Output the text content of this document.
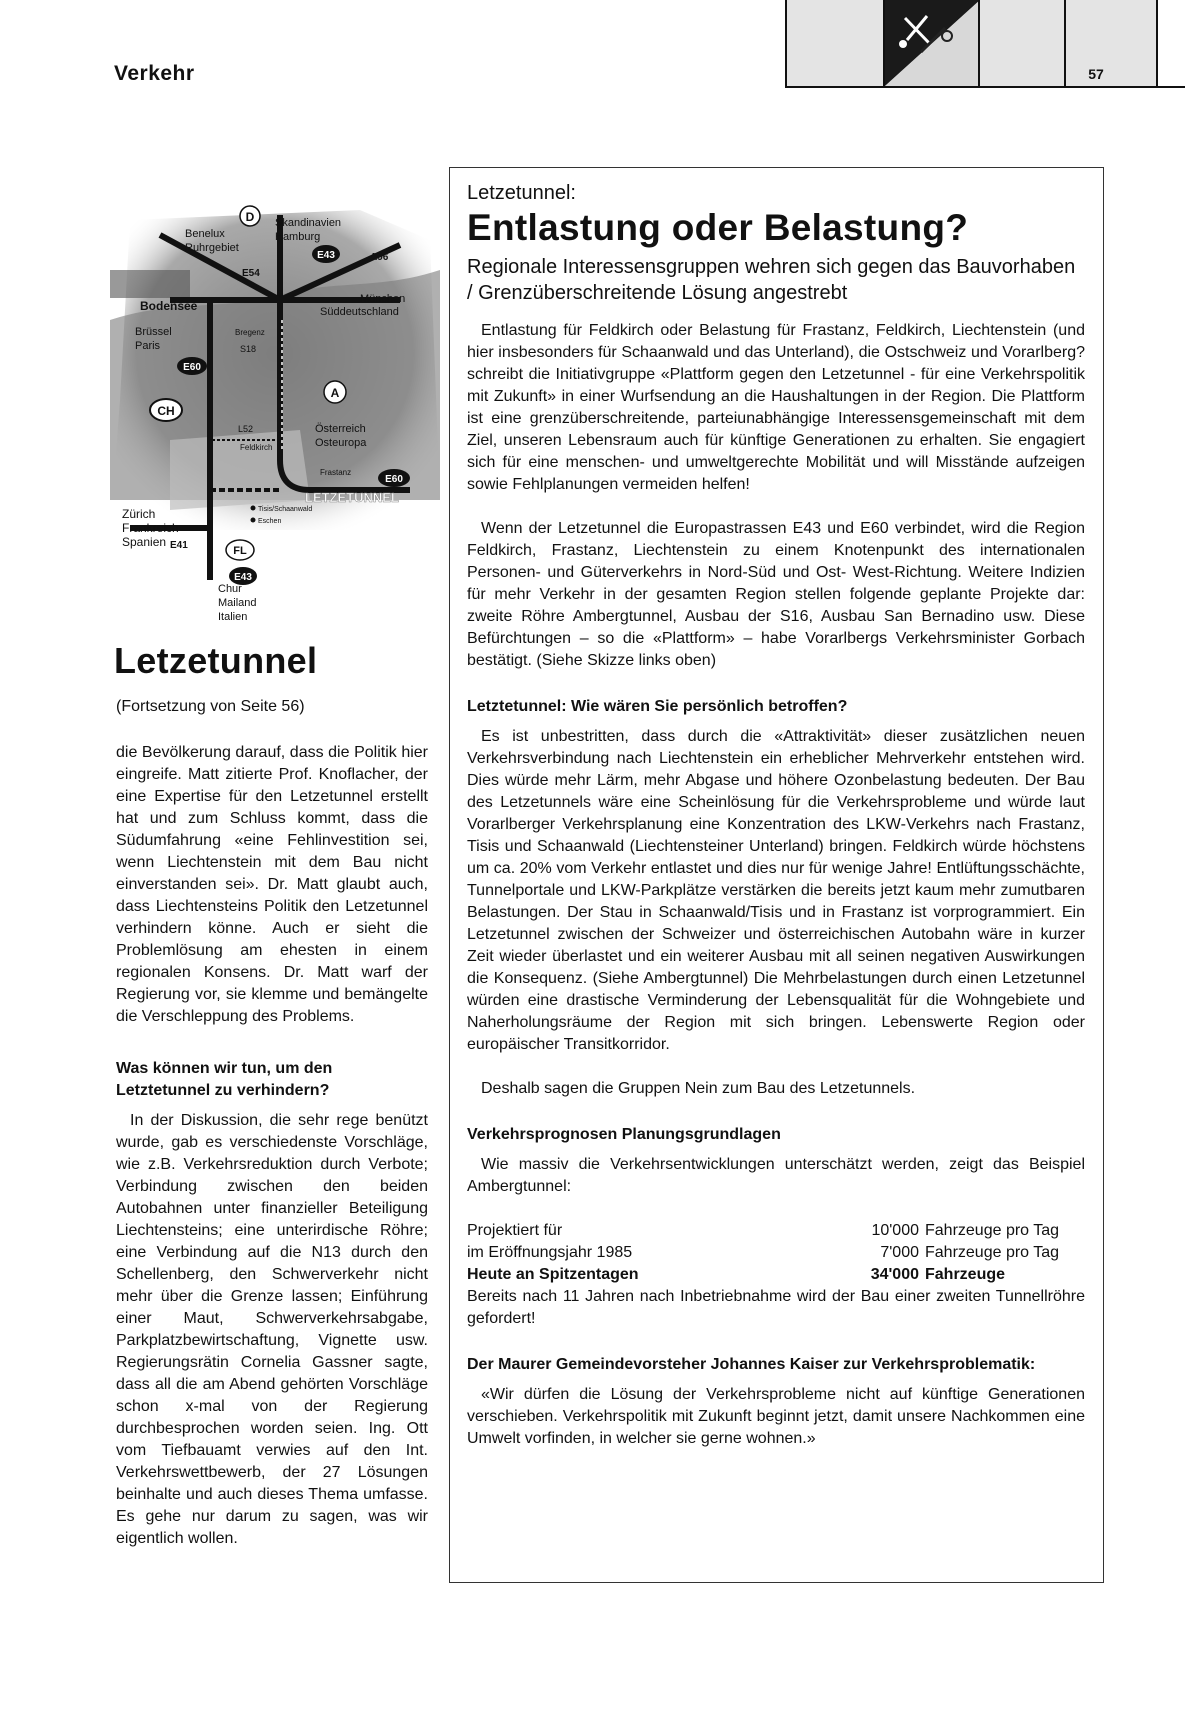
Verkehr	57
D Skandinavien
Hamburg
Benelux
Ruhrgebiet
E54
E43	A96
Bodensee	München
Süddeutschland
Brüssel
Paris
Bregenz
S18
E60
A
CH
L52
Feldkirch
Österreich
Osteuropa
Frastanz
E60
LETZETUNNEL
Zürich
Frankreich
Spanien
Tisis/Schaanwald
Eschen
E41	FL
E43
Chur
Mailand
Italien
Letzetunnel

(Fortsetzung von Seite 56)

die Bevölkerung darauf, dass die Politik hier eingreife. Matt zitierte Prof. Knoflacher, der eine Expertise für den Letzetunnel erstellt hat und zum Schluss kommt, dass die Südumfahrung «eine Fehlinvestition sei, wenn Liechtenstein mit dem Bau nicht einverstanden sei». Dr. Matt glaubt auch, dass Liechtensteins Politik den Letzetunnel verhindern könne. Auch er sieht die Problemlösung am ehesten in einem regionalen Konsens. Dr. Matt warf der Regierung vor, sie klemme und bemängelte die Verschleppung des Problems.

Was können wir tun, um den Letztetunnel zu verhindern?

In der Diskussion, die sehr rege benützt wurde, gab es verschiedenste Vorschläge, wie z.B. Verkehrsreduktion durch Verbote; Verbindung zwischen den beiden Autobahnen unter finanzieller Beteiligung Liechtensteins; eine unterirdische Röhre; eine Verbindung auf die N13 durch den Schellenberg, den Schwerverkehr nicht mehr über die Grenze lassen; Einführung einer Maut, Schwerverkehrsabgabe, Parkplatzbewirtschaftung, Vignette usw. Regierungsrätin Cornelia Gassner sagte, dass all die am Abend gehörten Vorschläge schon x-mal von der Regierung durchbesprochen worden seien. Ing. Ott vom Tiefbauamt verwies auf den Int. Verkehrswettbewerb, der 27 Lösungen beinhalte und auch dieses Thema umfasse. Es gehe nur darum zu sagen, was wir eigentlich wollen.

Letzetunnel:

Entlastung oder Belastung?

Regionale Interessensgruppen wehren sich gegen das Bauvorhaben / Grenzüberschreitende Lösung angestrebt

Entlastung für Feldkirch oder Belastung für Frastanz, Feldkirch, Liechtenstein (und hier insbesonders für Schaanwald und das Unterland), die Ostschweiz und Vorarlberg? schreibt die Initiativgruppe «Plattform gegen den Letzetunnel - für eine Verkehrspolitik mit Zukunft» in einer Wurfsendung an die Haushaltungen in der Region. Die Plattform ist eine grenzüberschreitende, parteiunabhängige Interessensgemeinschaft mit dem Ziel, unseren Lebensraum auch für künftige Generationen zu erhalten. Sie engagiert sich für eine menschen- und umweltgerechte Mobilität und will Misstände aufzeigen sowie Fehlplanungen vermeiden helfen!

Wenn der Letzetunnel die Europastrassen E43 und E60 verbindet, wird die Region Feldkirch, Frastanz, Liechtenstein zu einem Knotenpunkt des internationalen Personen- und Güterverkehrs in Nord-Süd und Ost- West-Richtung. Weitere Indizien für mehr Verkehr in der gesamten Region stellen folgende geplante Projekte dar: zweite Röhre Ambergtunnel, Ausbau der S16, Ausbau San Bernadino usw. Diese Befürchtungen – so die «Plattform» – habe Vorarlbergs Verkehrsminister Gorbach bestätigt. (Siehe Skizze links oben)

Letztetunnel: Wie wären Sie persönlich betroffen?

Es ist unbestritten, dass durch die «Attraktivität» dieser zusätzlichen neuen Verkehrsverbindung nach Liechtenstein ein erheblicher Mehrverkehr entstehen wird. Dies würde mehr Lärm, mehr Abgase und höhere Ozonbelastung bedeuten. Der Bau des Letzetunnels wäre eine Scheinlösung für die Verkehrsprobleme und würde laut Vorarlberger Verkehrsplanung eine Konzentration des LKW-Verkehrs nach Frastanz, Tisis und Schaanwald (Liechtensteiner Unterland) bringen. Feldkirch würde höchstens um ca. 20% vom Verkehr entlastet und dies nur für wenige Jahre! Entlüftungsschächte, Tunnelportale und LKW-Parkplätze verstärken die bereits jetzt kaum mehr zumutbaren Belastungen. Der Stau in Schaanwald/Tisis und in Frastanz ist vorprogrammiert. Ein Letzetunnel zwischen der Schweizer und österreichischen Autobahn wäre in kurzer Zeit wieder überlastet und ein weiterer Ausbau mit all seinen negativen Auswirkungen die Konsequenz. (Siehe Ambergtunnel) Die Mehrbelastungen durch einen Letzetunnel würden eine drastische Verminderung der Lebensqualität für die Wohngebiete und Naherholungsräume der Region mit sich bringen. Lebenswerte Region oder europäischer Transitkorridor.

Deshalb sagen die Gruppen Nein zum Bau des Letzetunnels.

Verkehrsprognosen Planungsgrundlagen

Wie massiv die Verkehrsentwicklungen unterschätzt werden, zeigt das Beispiel Ambergtunnel:

Projektiert für	10'000	Fahrzeuge pro Tag
im Eröffnungsjahr 1985	7'000	Fahrzeuge pro Tag
Heute an Spitzentagen	34'000	Fahrzeuge

Bereits nach 11 Jahren nach Inbetriebnahme wird der Bau einer zweiten Tunnellröhre gefordert!

Der Maurer Gemeindevorsteher Johannes Kaiser zur Verkehrsproblematik:

«Wir dürfen die Lösung der Verkehrsprobleme nicht auf künftige Generationen verschieben. Verkehrspolitik mit Zukunft beginnt jetzt, damit unsere Nachkommen eine Umwelt vorfinden, in welcher sie gerne wohnen.»
